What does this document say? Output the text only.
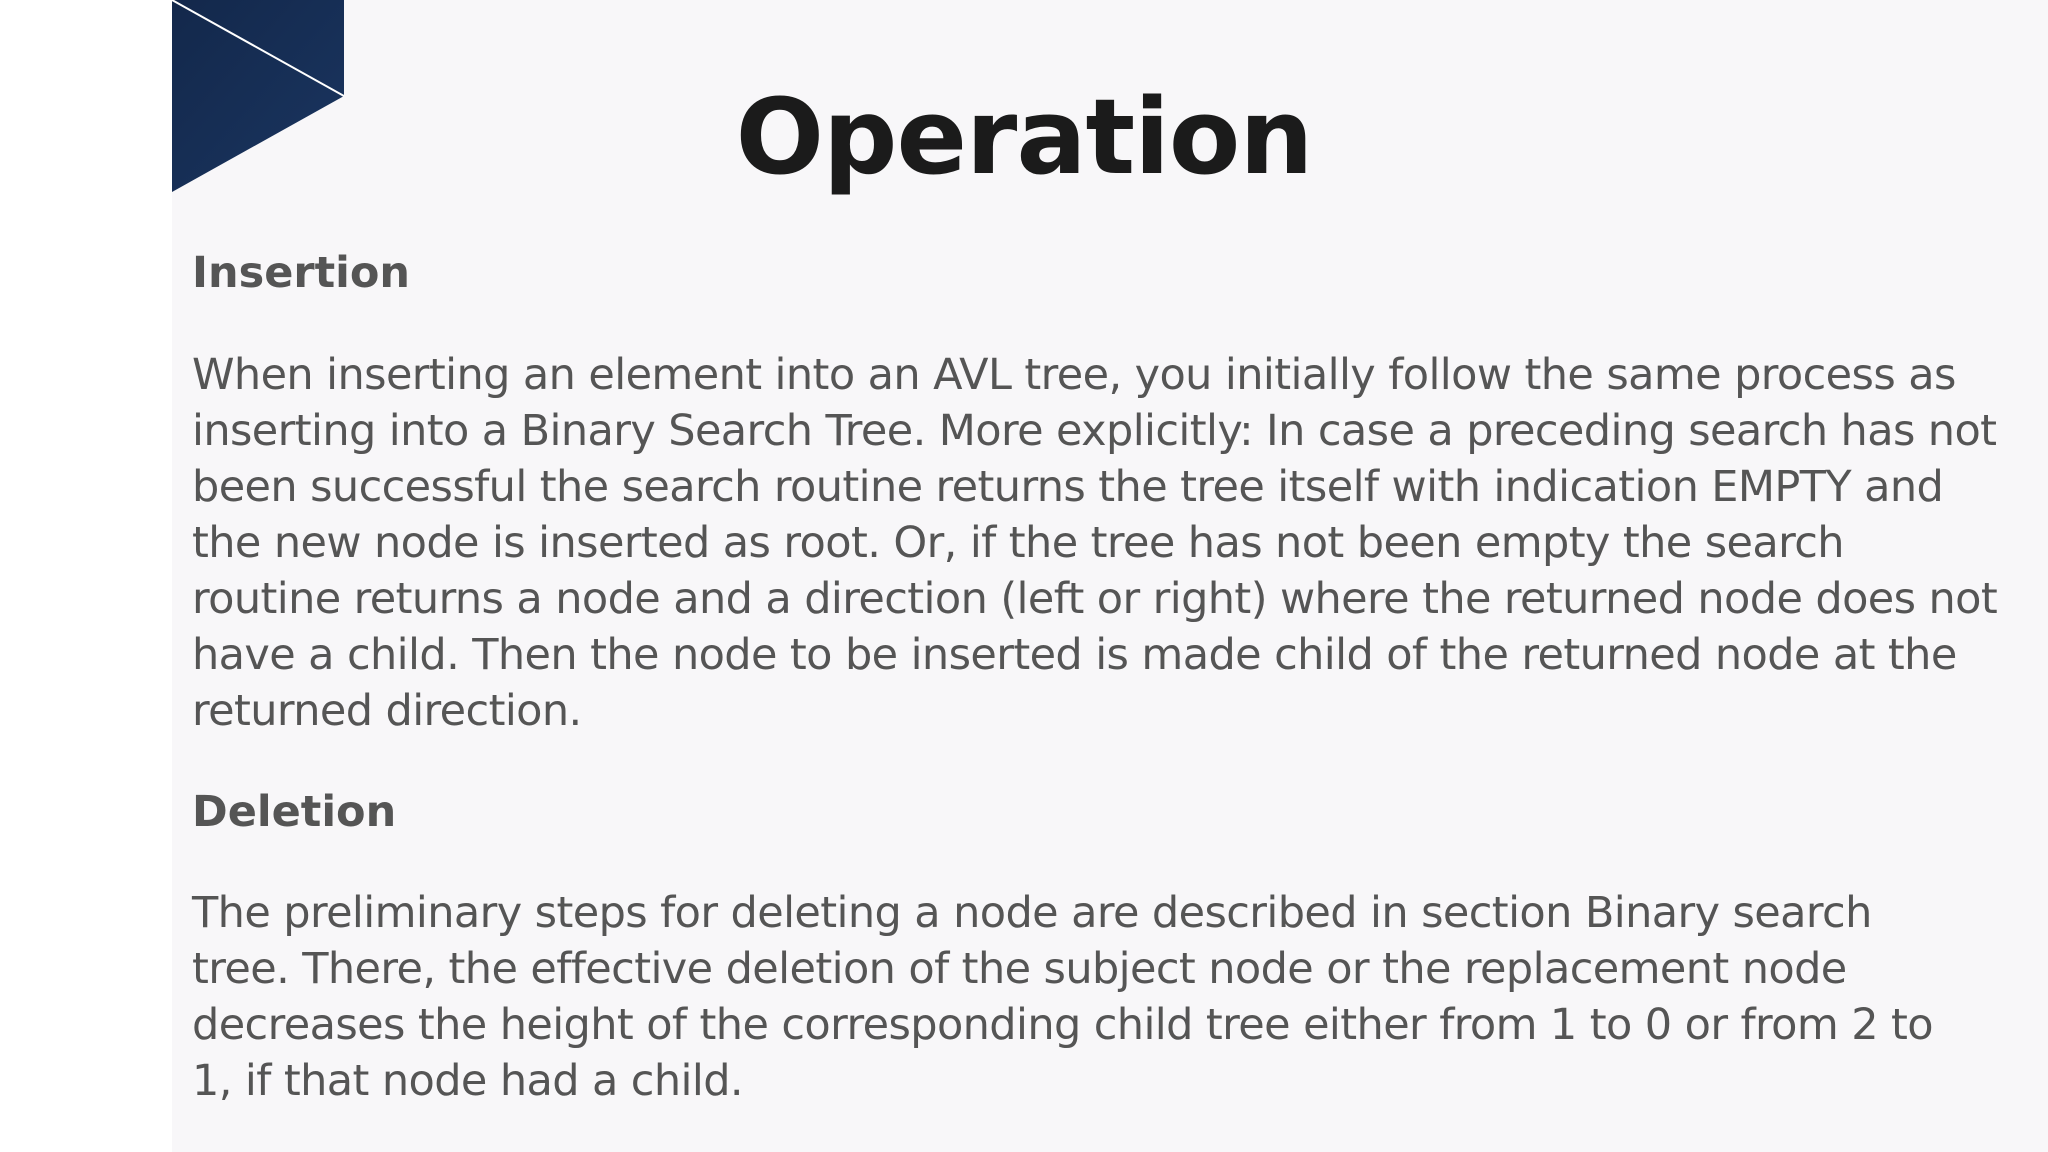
Operation

Insertion

When inserting an element into an AVL tree, you initially follow the same process as inserting into a Binary Search Tree. More explicitly: In case a preceding search has not been successful the search routine returns the tree itself with indication EMPTY and the new node is inserted as root. Or, if the tree has not been empty the search routine returns a node and a direction (left or right) where the returned node does not have a child. Then the node to be inserted is made child of the returned node at the returned direction.

Deletion

The preliminary steps for deleting a node are described in section Binary search tree. There, the effective deletion of the subject node or the replacement node decreases the height of the corresponding child tree either from 1 to 0 or from 2 to 1, if that node had a child.
